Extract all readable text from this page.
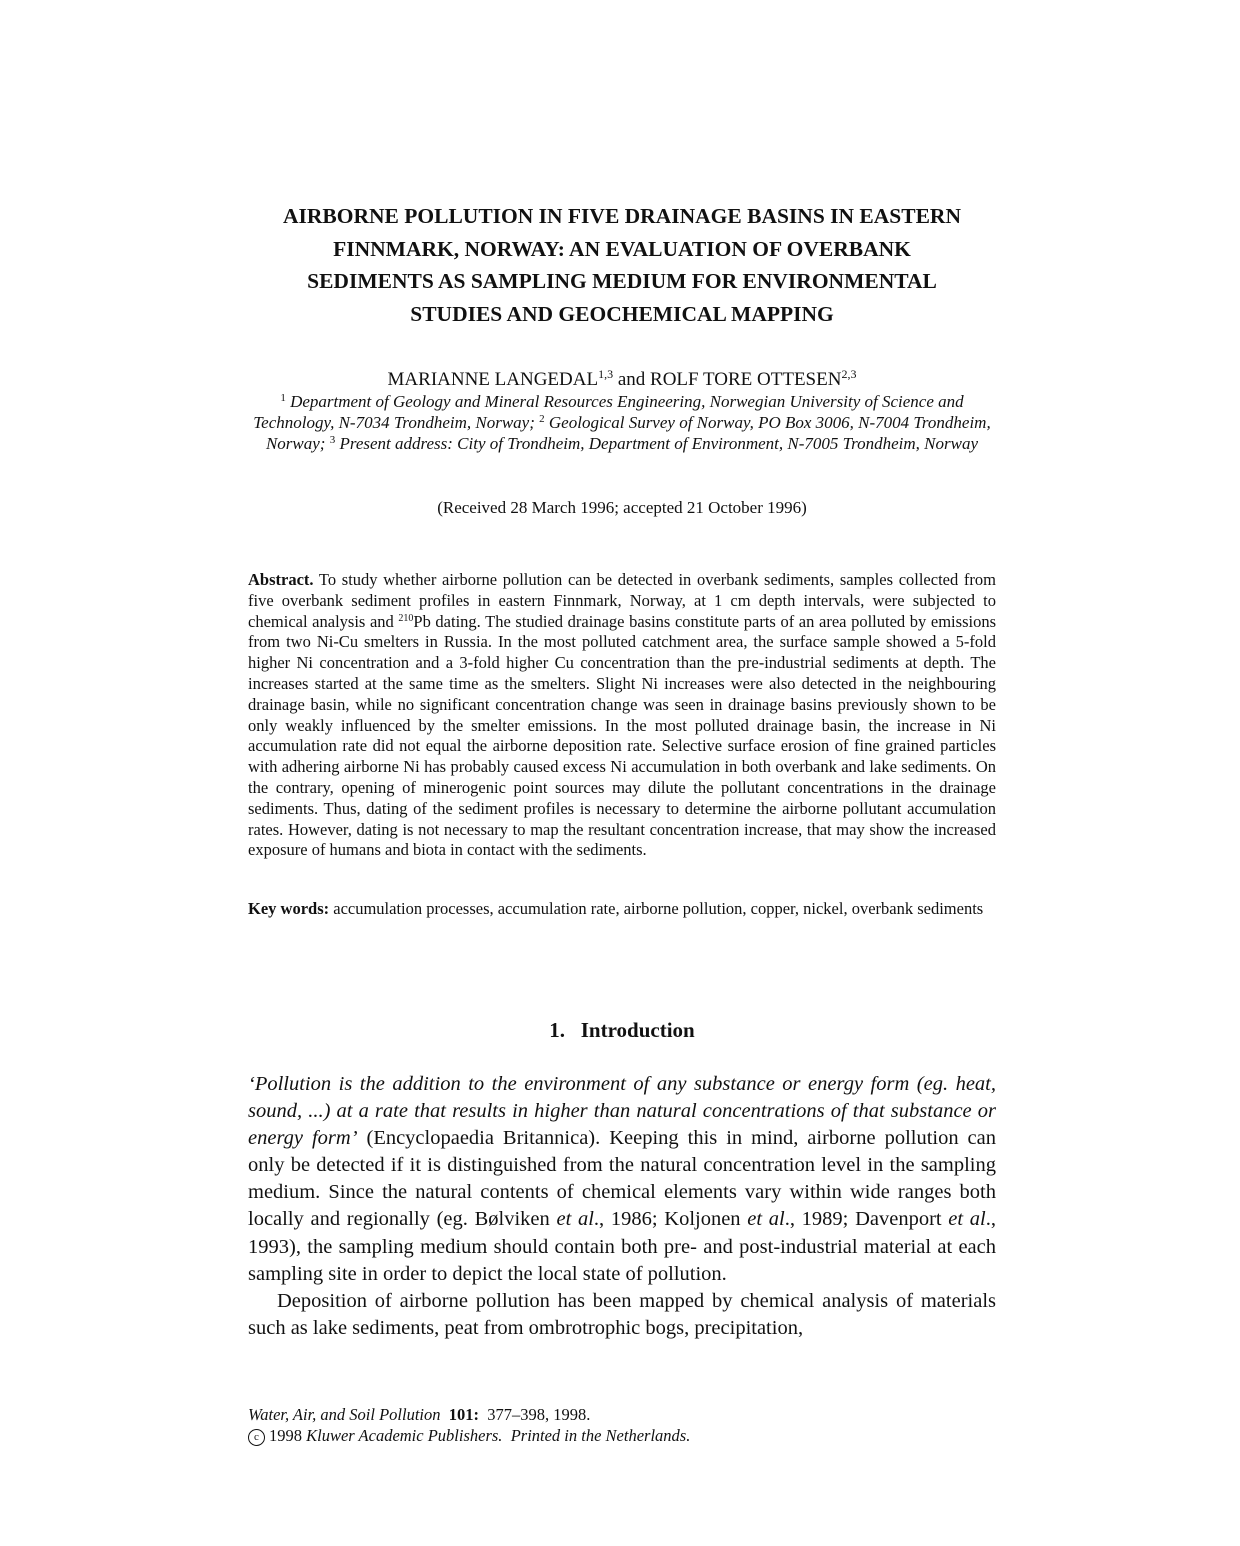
AIRBORNE POLLUTION IN FIVE DRAINAGE BASINS IN EASTERN
FINNMARK, NORWAY: AN EVALUATION OF OVERBANK
SEDIMENTS AS SAMPLING MEDIUM FOR ENVIRONMENTAL
STUDIES AND GEOCHEMICAL MAPPING
MARIANNE LANGEDAL$^{1,3}$ and ROLF TORE OTTESEN$^{2,3}$
$^1$ Department of Geology and Mineral Resources Engineering, Norwegian University of Science and Technology, N-7034 Trondheim, Norway; $^2$ Geological Survey of Norway, PO Box 3006, N-7004 Trondheim, Norway; $^3$ Present address: City of Trondheim, Department of Environment, N-7005 Trondheim, Norway
(Received 28 March 1996; accepted 21 October 1996)
Abstract. To study whether airborne pollution can be detected in overbank sediments, samples collected from five overbank sediment profiles in eastern Finnmark, Norway, at 1 cm depth intervals, were subjected to chemical analysis and $^{210}$Pb dating. The studied drainage basins constitute parts of an area polluted by emissions from two Ni-Cu smelters in Russia. In the most polluted catchment area, the surface sample showed a 5-fold higher Ni concentration and a 3-fold higher Cu concentration than the pre-industrial sediments at depth. The increases started at the same time as the smelters. Slight Ni increases were also detected in the neighbouring drainage basin, while no significant concentration change was seen in drainage basins previously shown to be only weakly influenced by the smelter emissions. In the most polluted drainage basin, the increase in Ni accumulation rate did not equal the airborne deposition rate. Selective surface erosion of fine grained particles with adhering airborne Ni has probably caused excess Ni accumulation in both overbank and lake sediments. On the contrary, opening of minerogenic point sources may dilute the pollutant concentrations in the drainage sediments. Thus, dating of the sediment profiles is necessary to determine the airborne pollutant accumulation rates. However, dating is not necessary to map the resultant concentration increase, that may show the increased exposure of humans and biota in contact with the sediments.
Key words: accumulation processes, accumulation rate, airborne pollution, copper, nickel, overbank sediments
1. Introduction

‘Pollution is the addition to the environment of any substance or energy form (eg. heat, sound, ...) at a rate that results in higher than natural concentrations of that substance or energy form’ (Encyclopaedia Britannica). Keeping this in mind, airborne pollution can only be detected if it is distinguished from the natural concentration level in the sampling medium. Since the natural contents of chemical elements vary within wide ranges both locally and regionally (eg. Bølviken et al., 1986; Koljonen et al., 1989; Davenport et al., 1993), the sampling medium should contain both pre- and post-industrial material at each sampling site in order to depict the local state of pollution.

Deposition of airborne pollution has been mapped by chemical analysis of materials such as lake sediments, peat from ombrotrophic bogs, precipitation,

Water, Air, and Soil Pollution 101: 377–398, 1998.
c 1998 Kluwer Academic Publishers. Printed in the Netherlands.
